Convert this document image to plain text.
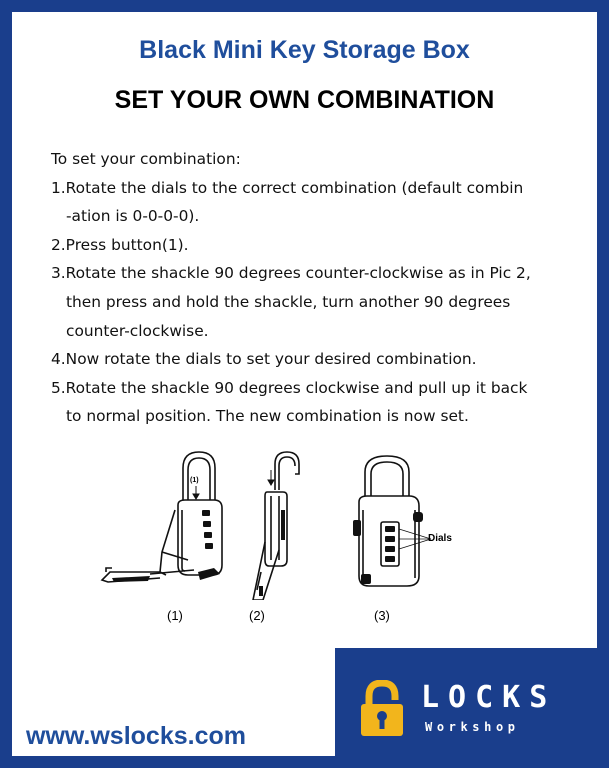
Black Mini Key Storage Box
SET YOUR OWN COMBINATION
To set your combination:
1.Rotate the dials to the correct combination (default combin
-ation is 0-0-0-0).
2.Press button(1).
3.Rotate the shackle 90 degrees counter-clockwise as in Pic 2,
then press and hold the shackle, turn another 90 degrees
counter-clockwise.
4.Now rotate the dials to set your desired combination.
5.Rotate the shackle 90 degrees clockwise and pull up it back
to normal position. The new combination is now set.
(1)
Dials
(1)	(2)	(3)
www.wslocks.com
LOCKS
Workshop
